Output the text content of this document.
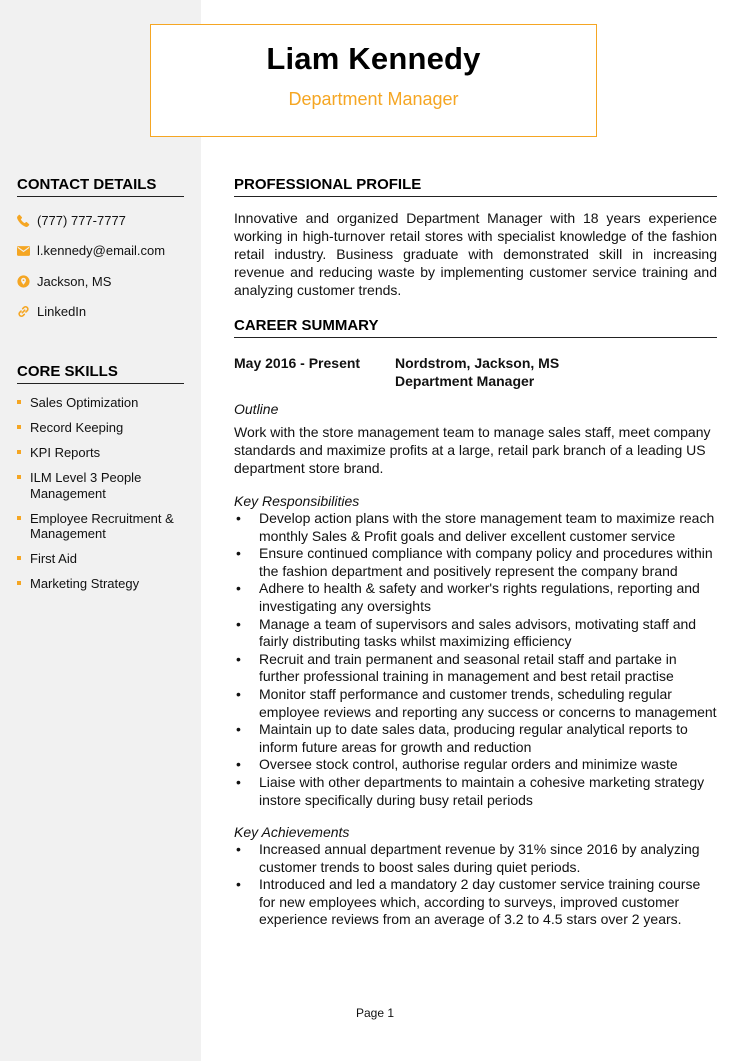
Liam Kennedy
Department Manager
CONTACT DETAILS
(777) 777-7777
l.kennedy@email.com
Jackson, MS
LinkedIn
CORE SKILLS
Sales Optimization
Record Keeping
KPI Reports
ILM Level 3 People Management
Employee Recruitment & Management
First Aid
Marketing Strategy
PROFESSIONAL PROFILE
Innovative and organized Department Manager with 18 years experience working in high-turnover retail stores with specialist knowledge of the fashion retail industry. Business graduate with demonstrated skill in increasing revenue and reducing waste by implementing customer service training and analyzing customer trends.
CAREER SUMMARY
May 2016 - Present	Nordstrom, Jackson, MS
Department Manager
Outline
Work with the store management team to manage sales staff, meet company standards and maximize profits at a large, retail park branch of a leading US department store brand.
Key Responsibilities
• Develop action plans with the store management team to maximize reach monthly Sales & Profit goals and deliver excellent customer service
• Ensure continued compliance with company policy and procedures within the fashion department and positively represent the company brand
• Adhere to health & safety and worker's rights regulations, reporting and investigating any oversights
• Manage a team of supervisors and sales advisors, motivating staff and fairly distributing tasks whilst maximizing efficiency
• Recruit and train permanent and seasonal retail staff and partake in further professional training in management and best retail practise
• Monitor staff performance and customer trends, scheduling regular employee reviews and reporting any success or concerns to management
• Maintain up to date sales data, producing regular analytical reports to inform future areas for growth and reduction
• Oversee stock control, authorise regular orders and minimize waste
• Liaise with other departments to maintain a cohesive marketing strategy instore specifically during busy retail periods
Key Achievements
• Increased annual department revenue by 31% since 2016 by analyzing customer trends to boost sales during quiet periods.
• Introduced and led a mandatory 2 day customer service training course for new employees which, according to surveys, improved customer experience reviews from an average of 3.2 to 4.5 stars over 2 years.
Page 1
